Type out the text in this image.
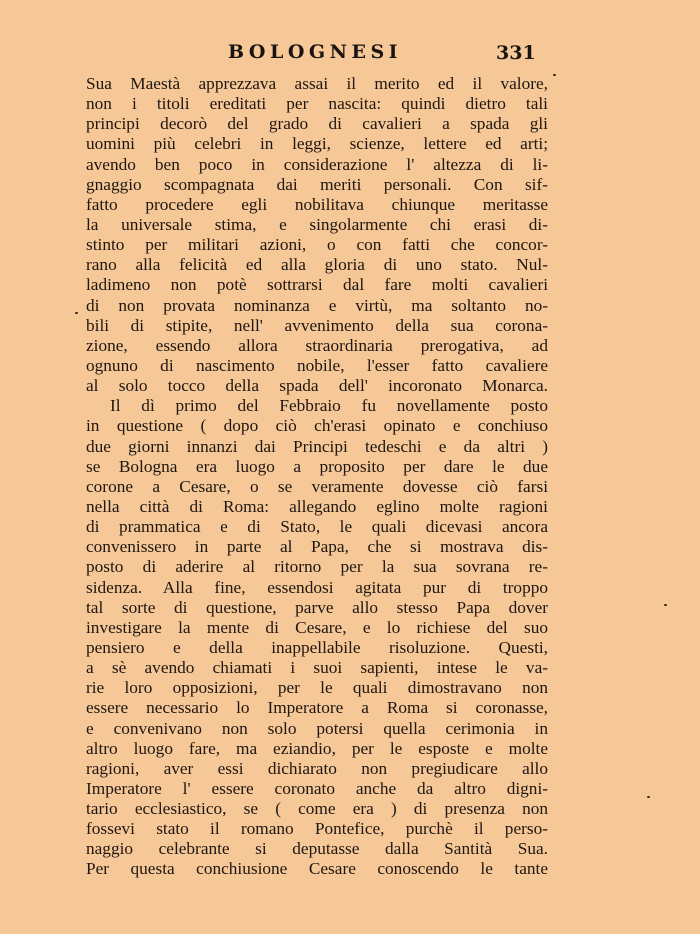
BOLOGNESI	331
Sua Maestà apprezzava assai il merito ed il valore,
non i titoli ereditati per nascita: quindi dietro tali
principi decorò del grado di cavalieri a spada gli
uomini più celebri in leggi, scienze, lettere ed arti;
avendo ben poco in considerazione l' altezza di li-
gnaggio scompagnata dai meriti personali. Con sif-
fatto procedere egli nobilitava chiunque meritasse
la universale stima, e singolarmente chi erasi di-
stinto per militari azioni, o con fatti che concor-
rano alla felicità ed alla gloria di uno stato. Nul-
ladimeno non potè sottrarsi dal fare molti cavalieri
di non provata nominanza e virtù, ma soltanto no-
bili di stipite, nell' avvenimento della sua corona-
zione, essendo allora straordinaria prerogativa, ad
ognuno di nascimento nobile, l'esser fatto cavaliere
al solo tocco della spada dell' incoronato Monarca.
Il dì primo del Febbraio fu novellamente posto
in questione ( dopo ciò ch'erasi opinato e conchiuso
due giorni innanzi dai Principi tedeschi e da altri )
se Bologna era luogo a proposito per dare le due
corone a Cesare, o se veramente dovesse ciò farsi
nella città di Roma: allegando eglino molte ragioni
di prammatica e di Stato, le quali dicevasi ancora
convenissero in parte al Papa, che si mostrava dis-
posto di aderire al ritorno per la sua sovrana re-
sidenza. Alla fine, essendosi agitata pur di troppo
tal sorte di questione, parve allo stesso Papa dover
investigare la mente di Cesare, e lo richiese del suo
pensiero e della inappellabile risoluzione. Questi,
a sè avendo chiamati i suoi sapienti, intese le va-
rie loro opposizioni, per le quali dimostravano non
essere necessario lo Imperatore a Roma si coronasse,
e convenivano non solo potersi quella cerimonia in
altro luogo fare, ma eziandio, per le esposte e molte
ragioni, aver essi dichiarato non pregiudicare allo
Imperatore l' essere coronato anche da altro digni-
tario ecclesiastico, se ( come era ) di presenza non
fossevi stato il romano Pontefice, purchè il perso-
naggio celebrante si deputasse dalla Santità Sua.
Per questa conchiusione Cesare conoscendo le tante
